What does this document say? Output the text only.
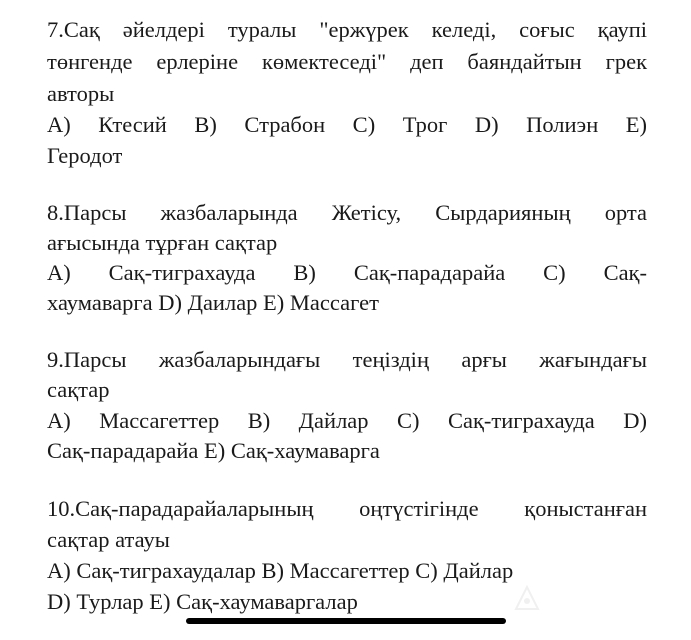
7.Сақ әйелдері туралы "ержүрек келеді, соғыс қаупі
төнгенде ерлеріне көмектеседі" деп баяндайтын грек
авторы
А) Ктесий В) Страбон С) Трог D) Полиэн Е)
Геродот
8.Парсы жазбаларында Жетісу, Сырдарияның орта
ағысында тұрған сақтар
А) Сақ-тиграхауда В) Сақ-парадарайа С) Сақ-
хаумаварга D) Даилар Е) Массагет
9.Парсы жазбаларындағы теңіздің арғы жағындағы
сақтар
А) Массагеттер В) Дайлар С) Сақ-тиграхауда D)
Сақ-парадарайа Е) Сақ-хаумаварга
10.Сақ-парадарайаларының оңтүстігінде қоныстанған
сақтар атауы
А) Сақ-тиграхаудалар В) Массагеттер С) Дайлар
D) Турлар Е) Сақ-хаумаваргалар
